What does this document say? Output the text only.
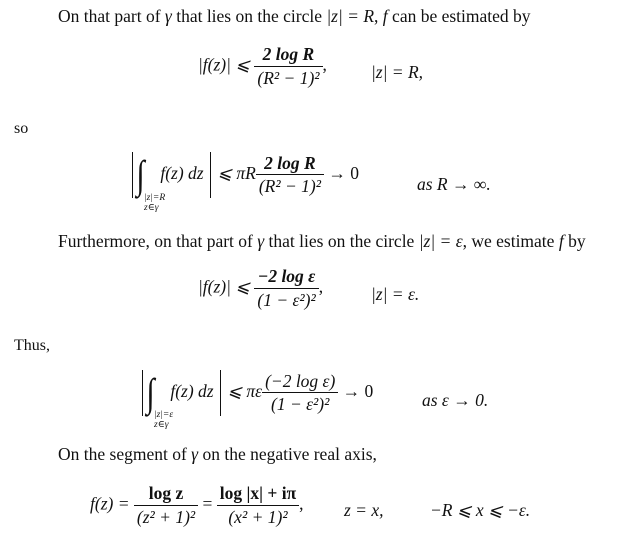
On that part of γ that lies on the circle |z| = R, f can be estimated by
|f(z)| ⩽ $\frac{\text{2 log R}}{\text{(R² − 1)²}}$ ,	|z| = R,
so
∫ f(z) dz ⩽ πR $\frac{\text{2 log R}}{\text{(R² − 1)²}} \to 0$
|z|=R
z∈γ
as R → ∞.
Furthermore, on that part of γ that lies on the circle |z| = ε, we estimate f by
|f(z)| ⩽ $\frac{\text{−2 log ε}}{\text{(1 − ε²)²}}$ ,	|z| = ε.
Thus,
∫ f(z) dz ⩽ πε $\frac{\text{(−2 log ε)}}{\text{(1 − ε²)²}} \to 0$
|z|=ε
z∈γ
as ε → 0.
On the segment of γ on the negative real axis,
$f(z) = \frac{\text{log z}}{\text{(z² + 1)²}} = \frac{\log |x| + i\pi}{\text{(x² + 1)²}}$ , z = x,	−R ⩽ x ⩽ −ε.
